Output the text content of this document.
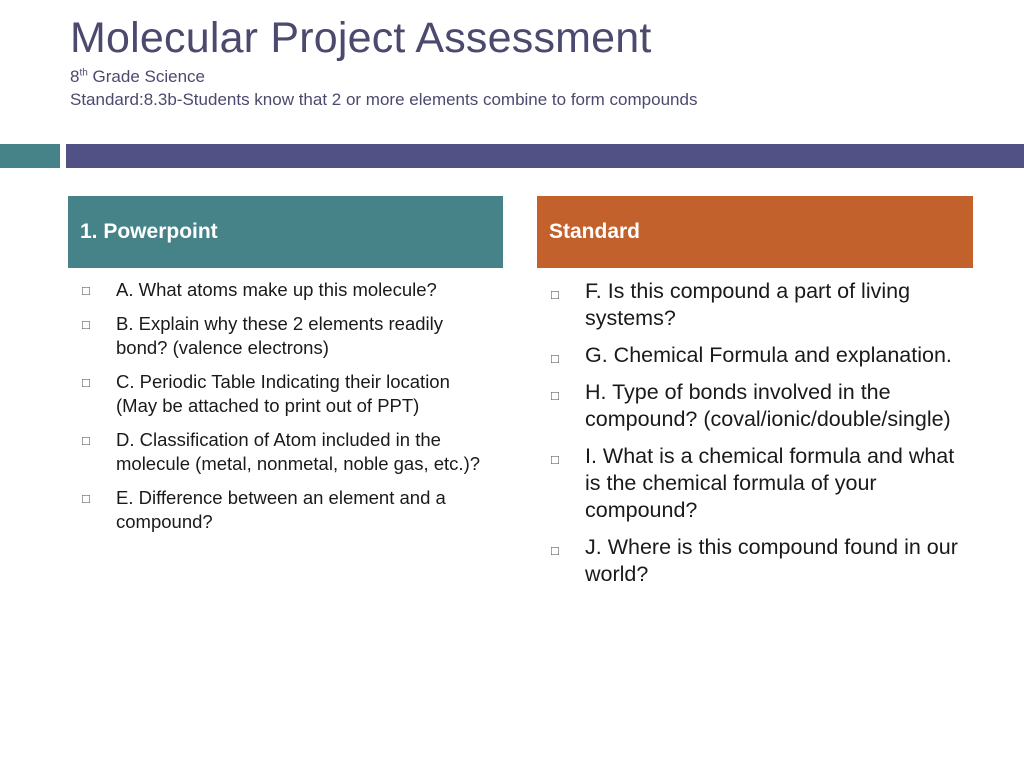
Molecular Project Assessment
8th Grade Science
Standard:8.3b-Students know that 2 or more elements combine to form compounds
1. Powerpoint	Standard
□ A. What atoms make up this molecule?
□ B. Explain why these 2 elements readily bond? (valence electrons)
□ C. Periodic Table Indicating their location (May be attached to print out of PPT)
□ D. Classification of Atom included in the molecule (metal, nonmetal, noble gas, etc.)?
□ E. Difference between an element and a compound?
□ F. Is this compound a part of living systems?
□ G. Chemical Formula and explanation.
□ H. Type of bonds involved in the compound? (coval/ionic/double/single)
□ I. What is a chemical formula and what is the chemical formula of your compound?
□ J. Where is this compound found in our world?
